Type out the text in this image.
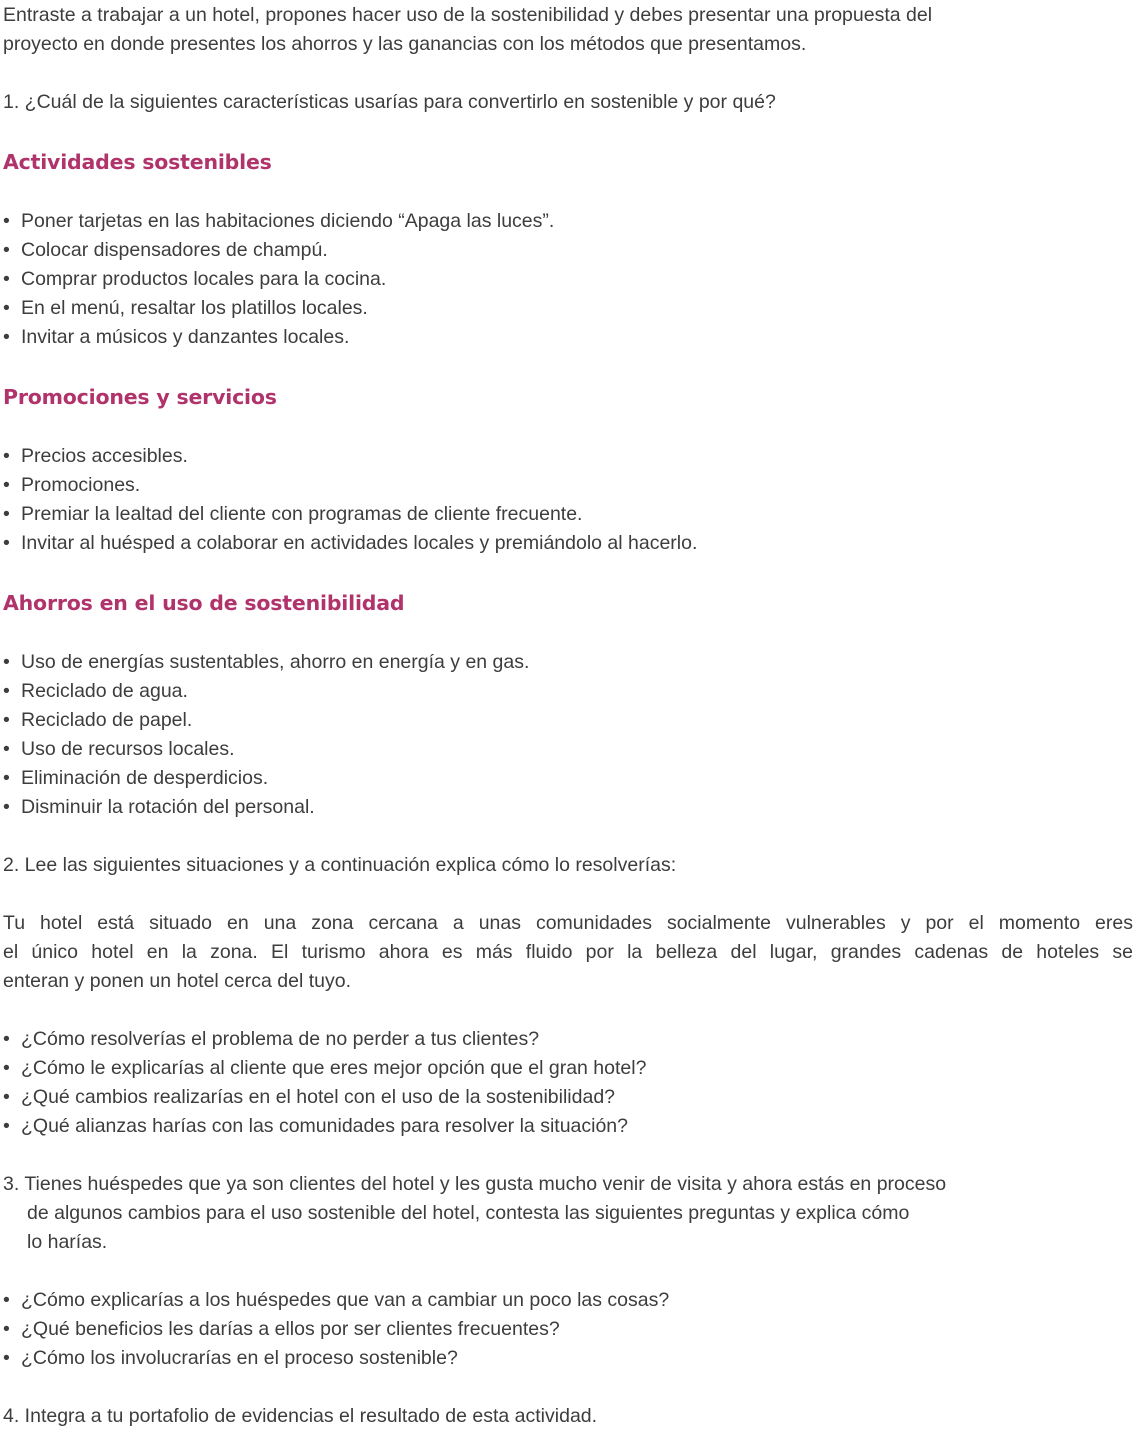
Entraste a trabajar a un hotel, propones hacer uso de la sostenibilidad y debes presentar una propuesta del
proyecto en donde presentes los ahorros y las ganancias con los métodos que presentamos.
1. ¿Cuál de la siguientes características usarías para convertirlo en sostenible y por qué?
Actividades sostenibles
• Poner tarjetas en las habitaciones diciendo “Apaga las luces”.
• Colocar dispensadores de champú.
• Comprar productos locales para la cocina.
• En el menú, resaltar los platillos locales.
• Invitar a músicos y danzantes locales.
Promociones y servicios
• Precios accesibles.
• Promociones.
• Premiar la lealtad del cliente con programas de cliente frecuente.
• Invitar al huésped a colaborar en actividades locales y premiándolo al hacerlo.
Ahorros en el uso de sostenibilidad
• Uso de energías sustentables, ahorro en energía y en gas.
• Reciclado de agua.
• Reciclado de papel.
• Uso de recursos locales.
• Eliminación de desperdicios.
• Disminuir la rotación del personal.
2. Lee las siguientes situaciones y a continuación explica cómo lo resolverías:
Tu hotel está situado en una zona cercana a unas comunidades socialmente vulnerables y por el momento eres
el único hotel en la zona. El turismo ahora es más fluido por la belleza del lugar, grandes cadenas de hoteles se
enteran y ponen un hotel cerca del tuyo.
• ¿Cómo resolverías el problema de no perder a tus clientes?
• ¿Cómo le explicarías al cliente que eres mejor opción que el gran hotel?
• ¿Qué cambios realizarías en el hotel con el uso de la sostenibilidad?
• ¿Qué alianzas harías con las comunidades para resolver la situación?
3. Tienes huéspedes que ya son clientes del hotel y les gusta mucho venir de visita y ahora estás en proceso
de algunos cambios para el uso sostenible del hotel, contesta las siguientes preguntas y explica cómo
lo harías.
• ¿Cómo explicarías a los huéspedes que van a cambiar un poco las cosas?
• ¿Qué beneficios les darías a ellos por ser clientes frecuentes?
• ¿Cómo los involucrarías en el proceso sostenible?
4. Integra a tu portafolio de evidencias el resultado de esta actividad.
